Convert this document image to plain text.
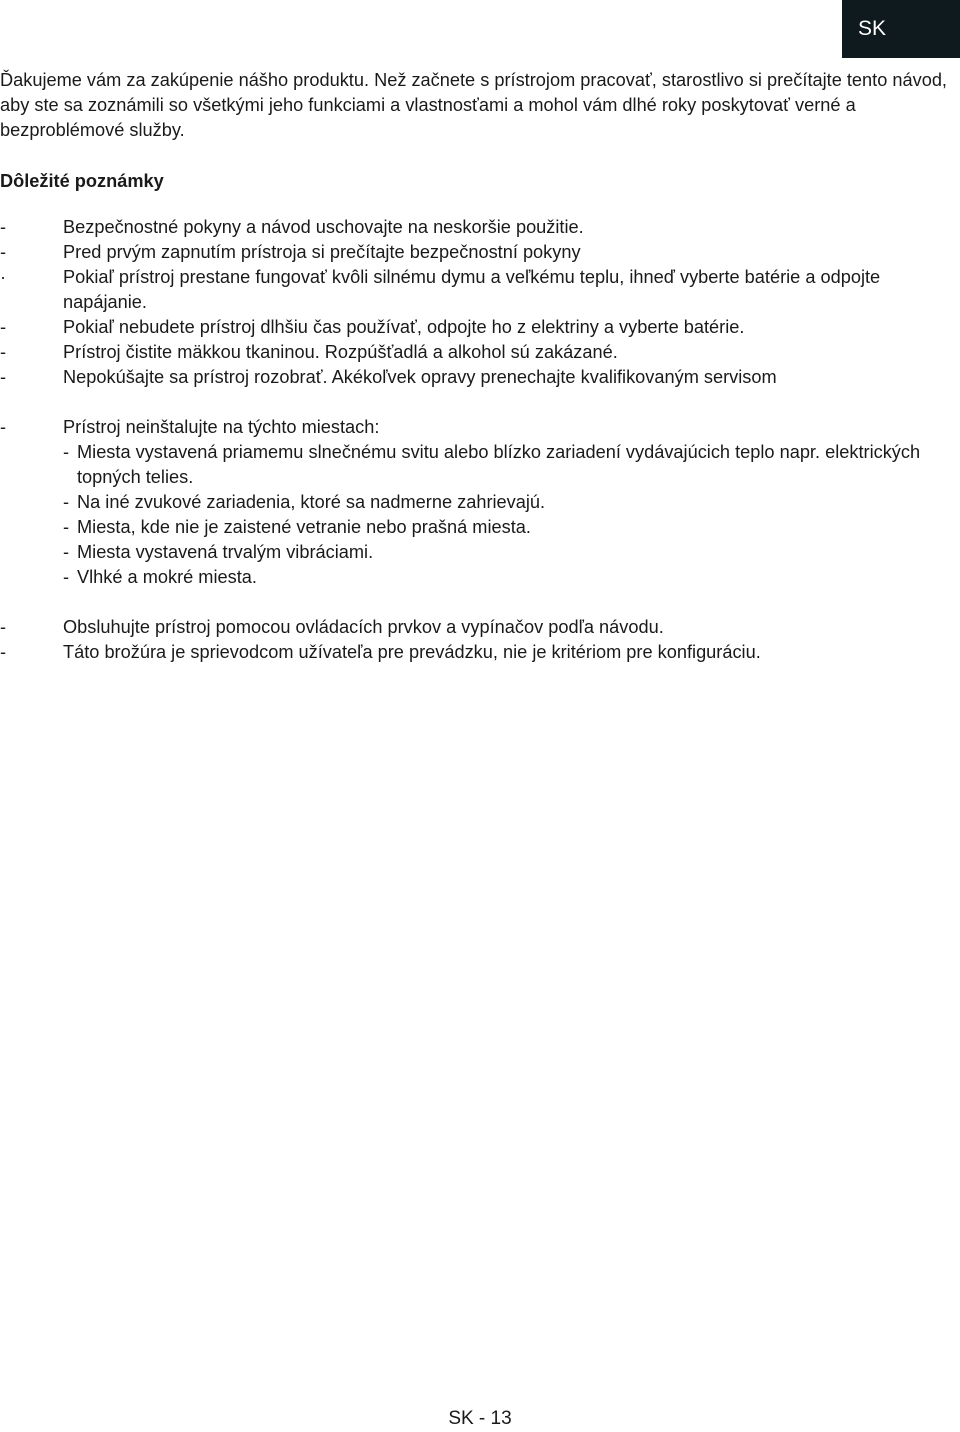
SK

Ďakujeme vám za zakúpenie nášho produktu. Než začnete s prístrojom pracovať, starostlivo si prečítajte tento návod, aby ste sa zoznámili so všetkými jeho funkciami a vlastnosťami a mohol vám dlhé roky poskytovať verné a bezproblémové služby.

Dôležité poznámky
-	Bezpečnostné pokyny a návod uschovajte na neskoršie použitie.
-	Pred prvým zapnutím prístroja si prečítajte bezpečnostní pokyny
·	Pokiaľ prístroj prestane fungovať kvôli silnému dymu a veľkému teplu, ihneď vyberte batérie a odpojte napájanie.
-	Pokiaľ nebudete prístroj dlhšiu čas používať, odpojte ho z elektriny a vyberte batérie.
-	Prístroj čistite mäkkou tkaninou. Rozpúšťadlá a alkohol sú zakázané.
-	Nepokúšajte sa prístroj rozobrať. Akékoľvek opravy prenechajte kvalifikovaným servisom
-	Prístroj neinštalujte na týchto miestach:
- Miesta vystavená priamemu slnečnému svitu alebo blízko zariadení vydávajúcich teplo napr. elektrických topných telies.
- Na iné zvukové zariadenia, ktoré sa nadmerne zahrievajú.
- Miesta, kde nie je zaistené vetranie nebo prašná miesta.
- Miesta vystavená trvalým vibráciami.
- Vlhké a mokré miesta.
-	Obsluhujte prístroj pomocou ovládacích prvkov a vypínačov podľa návodu.
-	Táto brožúra je sprievodcom užívateľa pre prevádzku, nie je kritériom pre konfiguráciu.
SK - 13
